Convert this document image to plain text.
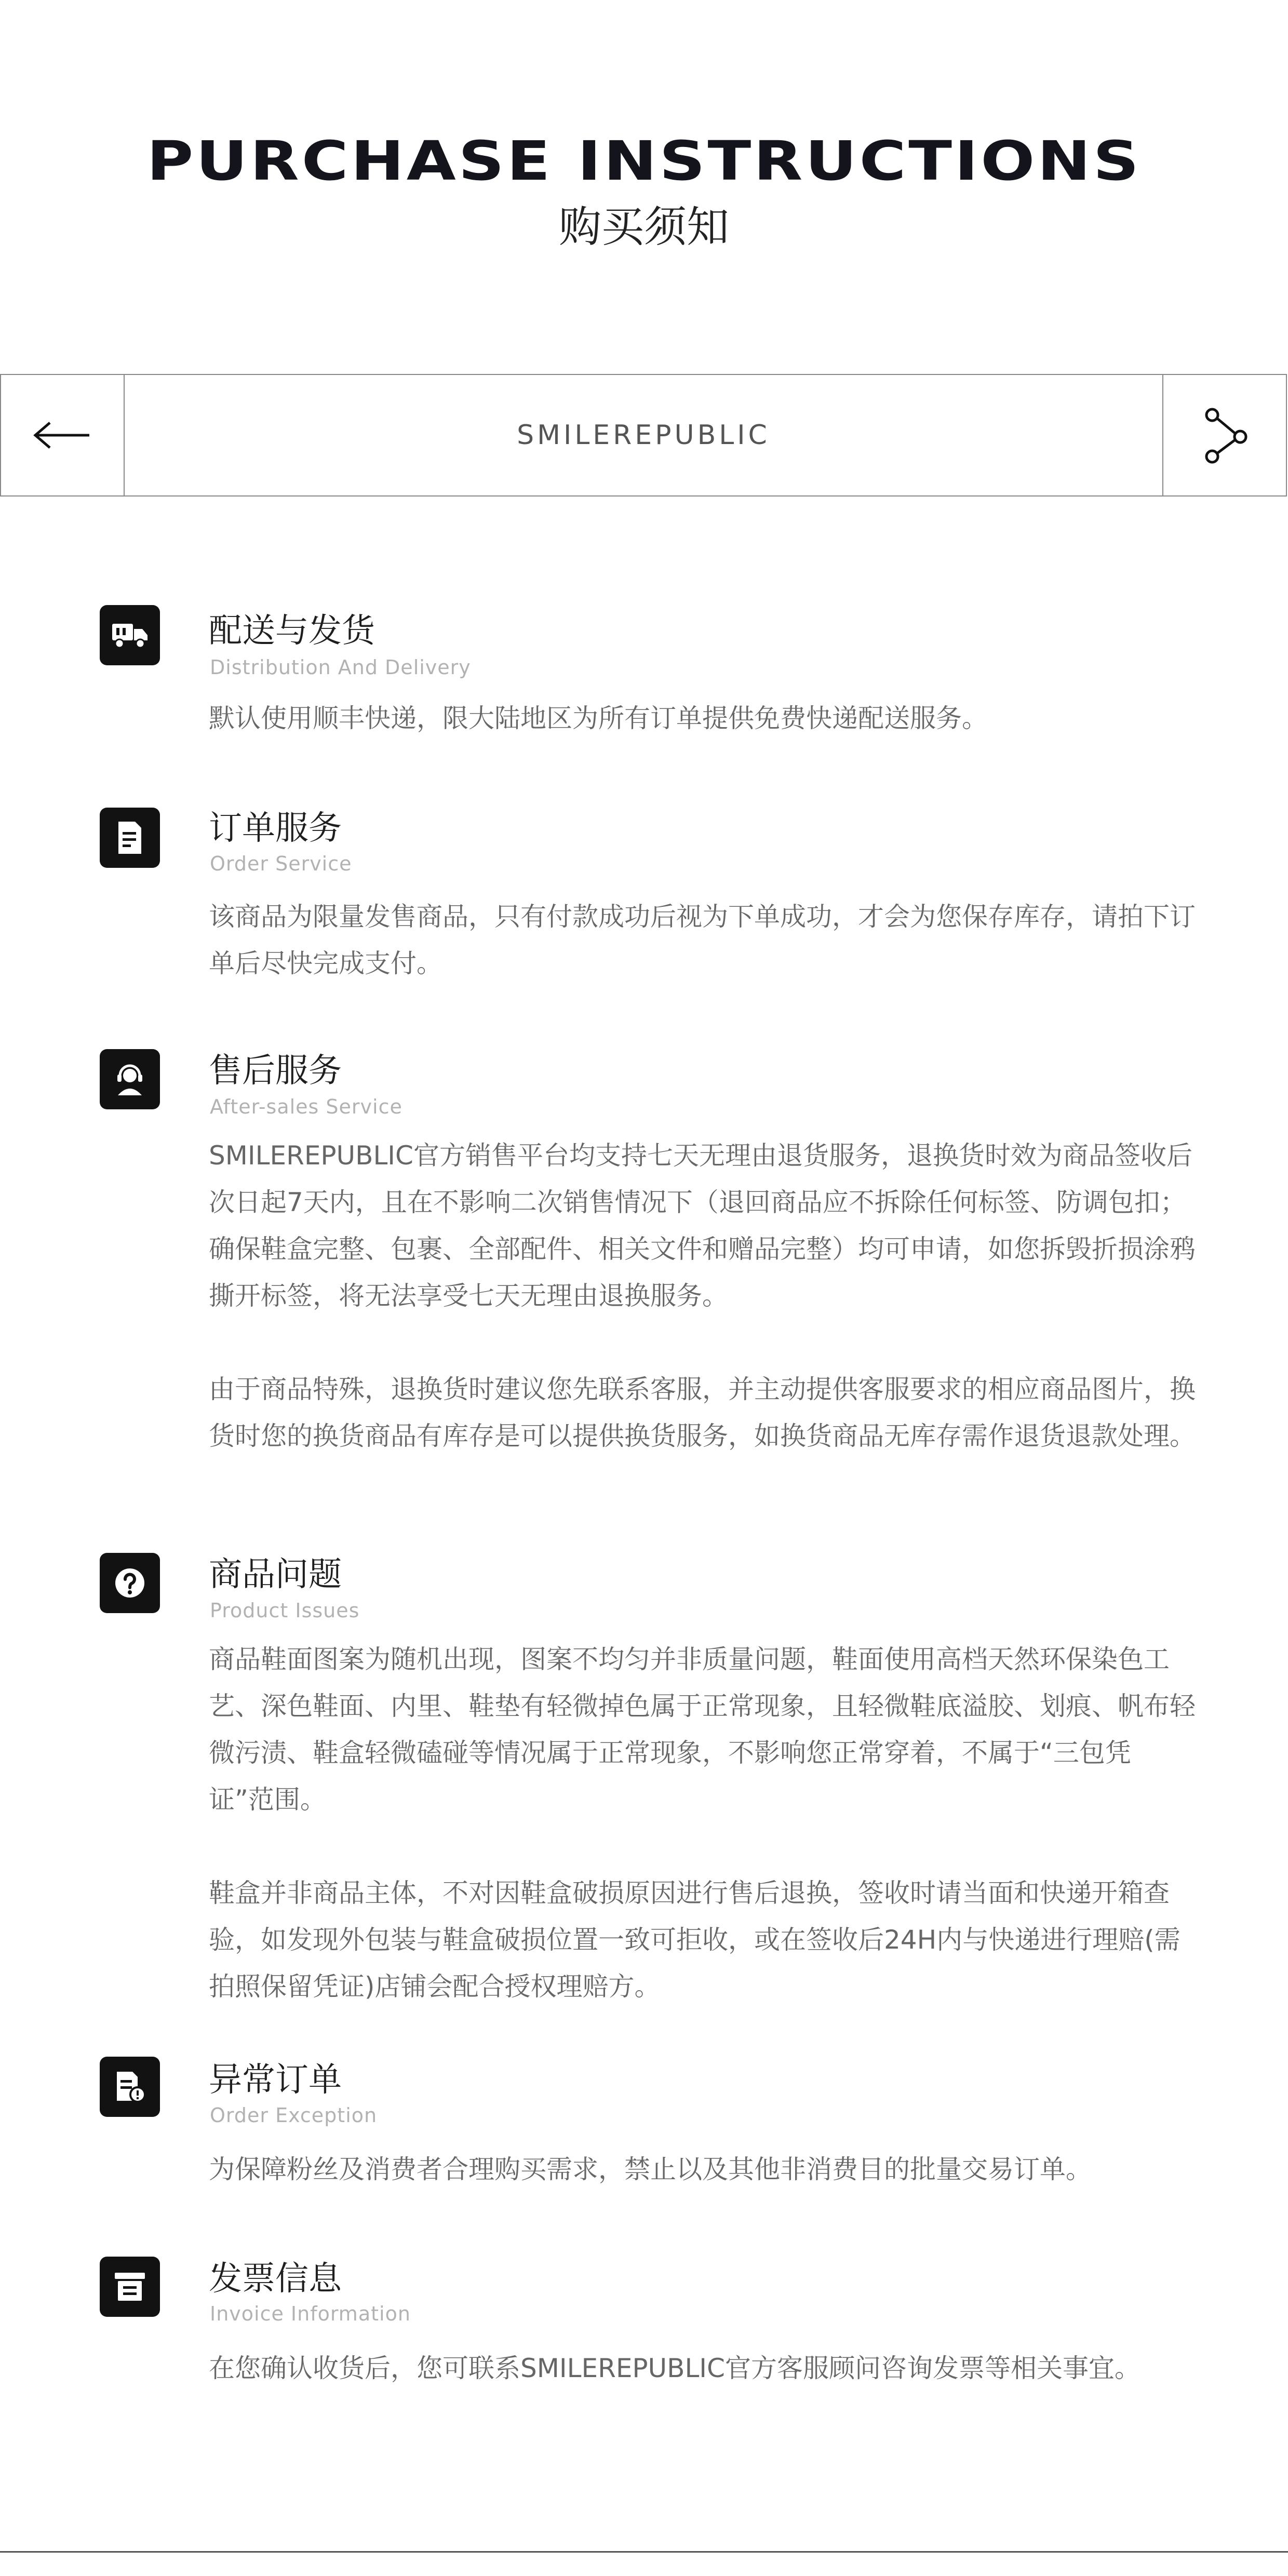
PURCHASE INSTRUCTIONS
购买须知
SMILEREPUBLIC
配送与发货
Distribution And Delivery
默认使用顺丰快递，限大陆地区为所有订单提供免费快递配送服务。
订单服务
Order Service
该商品为限量发售商品，只有付款成功后视为下单成功，才会为您保存库存，请拍下订单后尽快完成支付。
售后服务
After-sales Service
SMILEREPUBLIC官方销售平台均支持七天无理由退货服务，退换货时效为商品签收后次日起7天内，且在不影响二次销售情况下（退回商品应不拆除任何标签、防调包扣；确保鞋盒完整、包裹、全部配件、相关文件和赠品完整）均可申请，如您拆毁折损涂鸦撕开标签，将无法享受七天无理由退换服务。
由于商品特殊，退换货时建议您先联系客服，并主动提供客服要求的相应商品图片，换货时您的换货商品有库存是可以提供换货服务，如换货商品无库存需作退货退款处理。
商品问题
Product Issues
商品鞋面图案为随机出现，图案不均匀并非质量问题，鞋面使用高档天然环保染色工艺、深色鞋面、内里、鞋垫有轻微掉色属于正常现象，且轻微鞋底溢胶、划痕、帆布轻微污渍、鞋盒轻微磕碰等情况属于正常现象，不影响您正常穿着，不属于“三包凭证”范围。
鞋盒并非商品主体，不对因鞋盒破损原因进行售后退换，签收时请当面和快递开箱查验，如发现外包装与鞋盒破损位置一致可拒收，或在签收后24H内与快递进行理赔(需拍照保留凭证)店铺会配合授权理赔方。
异常订单
Order Exception
为保障粉丝及消费者合理购买需求，禁止以及其他非消费目的批量交易订单。
发票信息
Invoice Information
在您确认收货后，您可联系SMILEREPUBLIC官方客服顾问咨询发票等相关事宜。
